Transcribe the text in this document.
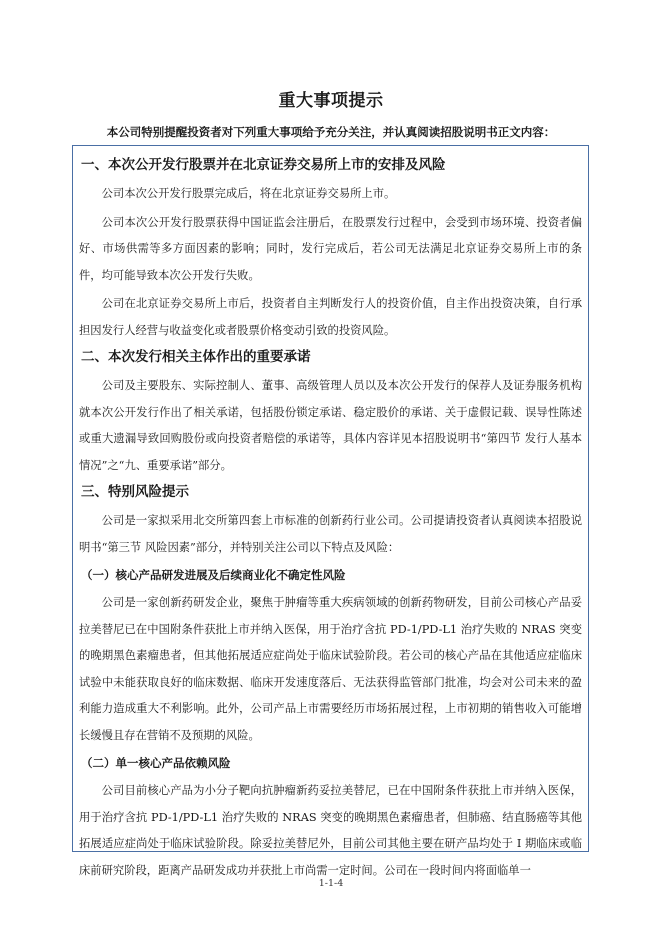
重大事项提示
本公司特别提醒投资者对下列重大事项给予充分关注，并认真阅读招股说明书正文内容：
一、本次公开发行股票并在北京证券交易所上市的安排及风险

公司本次公开发行股票完成后，将在北京证券交易所上市。

公司本次公开发行股票获得中国证监会注册后，在股票发行过程中，会受到市场环境、投资者偏好、市场供需等多方面因素的影响；同时，发行完成后，若公司无法满足北京证券交易所上市的条件，均可能导致本次公开发行失败。

公司在北京证券交易所上市后，投资者自主判断发行人的投资价值，自主作出投资决策，自行承担因发行人经营与收益变化或者股票价格变动引致的投资风险。

二、本次发行相关主体作出的重要承诺

公司及主要股东、实际控制人、董事、高级管理人员以及本次公开发行的保荐人及证券服务机构就本次公开发行作出了相关承诺，包括股份锁定承诺、稳定股价的承诺、关于虚假记载、误导性陈述或重大遗漏导致回购股份或向投资者赔偿的承诺等，具体内容详见本招股说明书“第四节 发行人基本情况”之“九、重要承诺”部分。

三、特别风险提示

公司是一家拟采用北交所第四套上市标准的创新药行业公司。公司提请投资者认真阅读本招股说明书“第三节 风险因素”部分，并特别关注公司以下特点及风险：

（一）核心产品研发进展及后续商业化不确定性风险

公司是一家创新药研发企业，聚焦于肿瘤等重大疾病领域的创新药物研发，目前公司核心产品妥拉美替尼已在中国附条件获批上市并纳入医保，用于治疗含抗 PD-1/PD-L1 治疗失败的 NRAS 突变的晚期黑色素瘤患者，但其他拓展适应症尚处于临床试验阶段。若公司的核心产品在其他适应症临床试验中未能获取良好的临床数据、临床开发速度落后、无法获得监管部门批准，均会对公司未来的盈利能力造成重大不利影响。此外，公司产品上市需要经历市场拓展过程，上市初期的销售收入可能增长缓慢且存在营销不及预期的风险。

（二）单一核心产品依赖风险

公司目前核心产品为小分子靶向抗肿瘤新药妥拉美替尼，已在中国附条件获批上市并纳入医保，用于治疗含抗 PD-1/PD-L1 治疗失败的 NRAS 突变的晚期黑色素瘤患者，但肺癌、结直肠癌等其他拓展适应症尚处于临床试验阶段。除妥拉美替尼外，目前公司其他主要在研产品均处于 I 期临床或临床前研究阶段，距离产品研发成功并获批上市尚需一定时间。公司在一段时间内将面临单一

1-1-4
